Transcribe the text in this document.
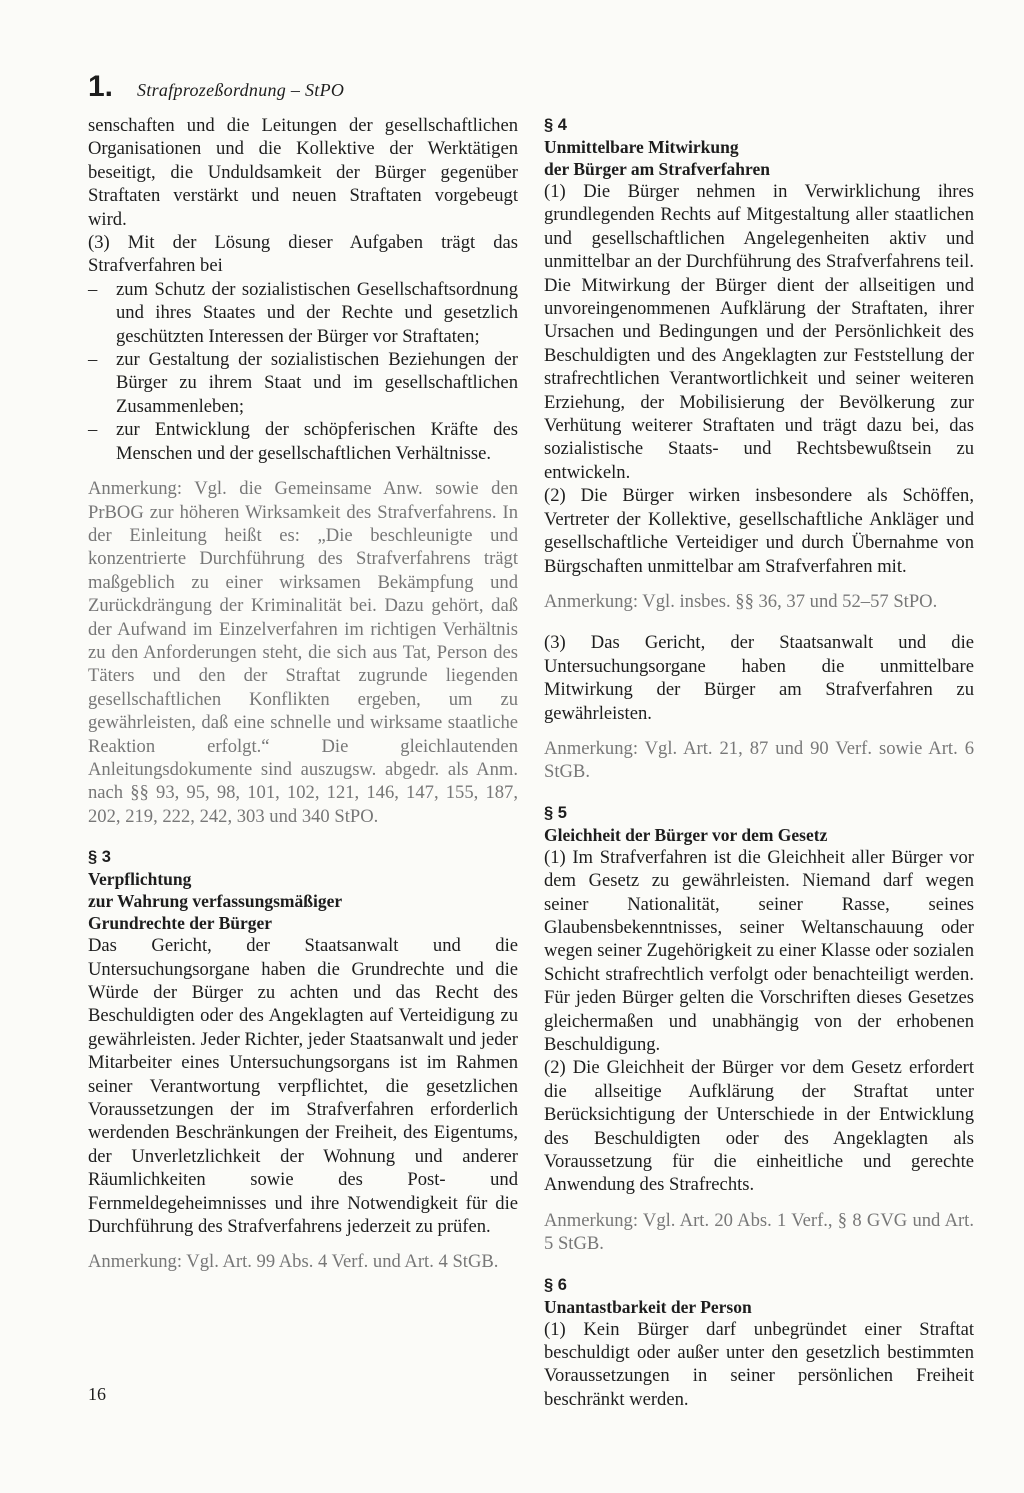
1. Strafprozeßordnung – StPO

senschaften und die Leitungen der gesellschaftlichen Organisationen und die Kollektive der Werktätigen beseitigt, die Unduldsamkeit der Bürger gegenüber Straftaten verstärkt und neuen Straftaten vorgebeugt wird.

(3) Mit der Lösung dieser Aufgaben trägt das Strafverfahren bei

– zum Schutz der sozialistischen Gesellschaftsordnung und ihres Staates und der Rechte und gesetzlich geschützten Interessen der Bürger vor Straftaten;
– zur Gestaltung der sozialistischen Beziehungen der Bürger zu ihrem Staat und im gesellschaftlichen Zusammenleben;
– zur Entwicklung der schöpferischen Kräfte des Menschen und der gesellschaftlichen Verhältnisse.

Anmerkung: Vgl. die Gemeinsame Anw. sowie den PrBOG zur höheren Wirksamkeit des Strafverfahrens. In der Einleitung heißt es: „Die beschleunigte und konzentrierte Durchführung des Strafverfahrens trägt maßgeblich zu einer wirksamen Bekämpfung und Zurückdrängung der Kriminalität bei. Dazu gehört, daß der Aufwand im Einzelverfahren im richtigen Verhältnis zu den Anforderungen steht, die sich aus Tat, Person des Täters und den der Straftat zugrunde liegenden gesellschaftlichen Konflikten ergeben, um zu gewährleisten, daß eine schnelle und wirksame staatliche Reaktion erfolgt.“ Die gleichlautenden Anleitungsdokumente sind auszugsw. abgedr. als Anm. nach §§ 93, 95, 98, 101, 102, 121, 146, 147, 155, 187, 202, 219, 222, 242, 303 und 340 StPO.

§ 3
Verpflichtung
zur Wahrung verfassungsmäßiger
Grundrechte der Bürger

Das Gericht, der Staatsanwalt und die Untersuchungsorgane haben die Grundrechte und die Würde der Bürger zu achten und das Recht des Beschuldigten oder des Angeklagten auf Verteidigung zu gewährleisten. Jeder Richter, jeder Staatsanwalt und jeder Mitarbeiter eines Untersuchungsorgans ist im Rahmen seiner Verantwortung verpflichtet, die gesetzlichen Voraussetzungen der im Strafverfahren erforderlich werdenden Beschränkungen der Freiheit, des Eigentums, der Unverletzlichkeit der Wohnung und anderer Räumlichkeiten sowie des Post- und Fernmeldegeheimnisses und ihre Notwendigkeit für die Durchführung des Strafverfahrens jederzeit zu prüfen.

Anmerkung: Vgl. Art. 99 Abs. 4 Verf. und Art. 4 StGB.

§ 4
Unmittelbare Mitwirkung
der Bürger am Strafverfahren

(1) Die Bürger nehmen in Verwirklichung ihres grundlegenden Rechts auf Mitgestaltung aller staatlichen und gesellschaftlichen Angelegenheiten aktiv und unmittelbar an der Durchführung des Strafverfahrens teil. Die Mitwirkung der Bürger dient der allseitigen und unvoreingenommenen Aufklärung der Straftaten, ihrer Ursachen und Bedingungen und der Persönlichkeit des Beschuldigten und des Angeklagten zur Feststellung der strafrechtlichen Verantwortlichkeit und seiner weiteren Erziehung, der Mobilisierung der Bevölkerung zur Verhütung weiterer Straftaten und trägt dazu bei, das sozialistische Staats- und Rechtsbewußtsein zu entwickeln.

(2) Die Bürger wirken insbesondere als Schöffen, Vertreter der Kollektive, gesellschaftliche Ankläger und gesellschaftliche Verteidiger und durch Übernahme von Bürgschaften unmittelbar am Strafverfahren mit.

Anmerkung: Vgl. insbes. §§ 36, 37 und 52–57 StPO.

(3) Das Gericht, der Staatsanwalt und die Untersuchungsorgane haben die unmittelbare Mitwirkung der Bürger am Strafverfahren zu gewährleisten.

Anmerkung: Vgl. Art. 21, 87 und 90 Verf. sowie Art. 6 StGB.

§ 5
Gleichheit der Bürger vor dem Gesetz

(1) Im Strafverfahren ist die Gleichheit aller Bürger vor dem Gesetz zu gewährleisten. Niemand darf wegen seiner Nationalität, seiner Rasse, seines Glaubensbekenntnisses, seiner Weltanschauung oder wegen seiner Zugehörigkeit zu einer Klasse oder sozialen Schicht strafrechtlich verfolgt oder benachteiligt werden. Für jeden Bürger gelten die Vorschriften dieses Gesetzes gleichermaßen und unabhängig von der erhobenen Beschuldigung.

(2) Die Gleichheit der Bürger vor dem Gesetz erfordert die allseitige Aufklärung der Straftat unter Berücksichtigung der Unterschiede in der Entwicklung des Beschuldigten oder des Angeklagten als Voraussetzung für die einheitliche und gerechte Anwendung des Strafrechts.

Anmerkung: Vgl. Art. 20 Abs. 1 Verf., § 8 GVG und Art. 5 StGB.

§ 6
Unantastbarkeit der Person

(1) Kein Bürger darf unbegründet einer Straftat beschuldigt oder außer unter den gesetzlich bestimmten Voraussetzungen in seiner persönlichen Freiheit beschränkt werden.

16
